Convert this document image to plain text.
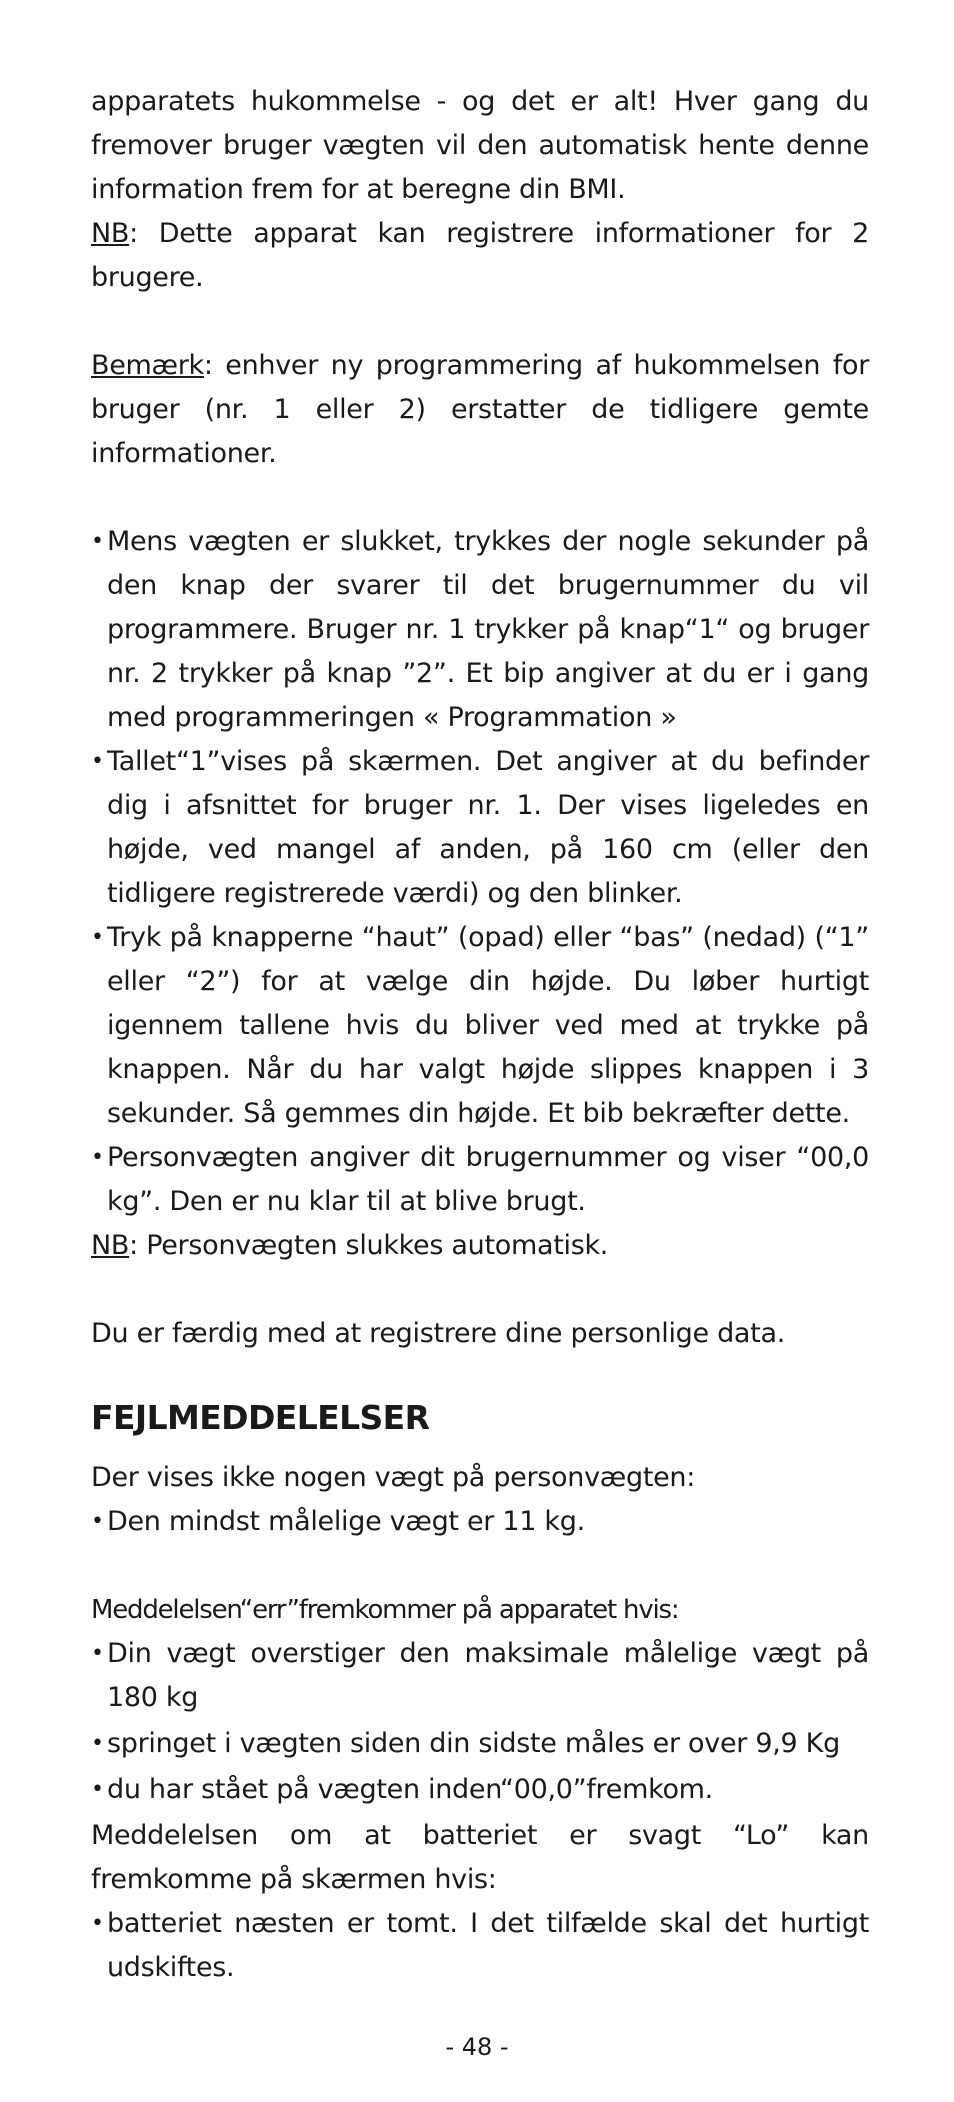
apparatets hukommelse - og det er alt! Hver gang du fremover bruger vægten vil den automatisk hente denne information frem for at beregne din BMI.
NB: Dette apparat kan registrere informationer for 2 brugere.

Bemærk: enhver ny programmering af hukommelsen for bruger (nr. 1 eller 2) erstatter de tidligere gemte informationer.

• Mens vægten er slukket, trykkes der nogle sekunder på den knap der svarer til det brugernummer du vil programmere. Bruger nr. 1 trykker på knap“1“ og bruger nr. 2 trykker på knap ”2”. Et bip angiver at du er i gang med programmeringen « Programmation »
• Tallet“1”vises på skærmen. Det angiver at du befinder dig i afsnittet for bruger nr. 1. Der vises ligeledes en højde, ved mangel af anden, på 160 cm (eller den tidligere registrerede værdi) og den blinker.
• Tryk på knapperne “haut” (opad) eller “bas” (nedad) (“1” eller “2”) for at vælge din højde. Du løber hurtigt igennem tallene hvis du bliver ved med at trykke på knappen. Når du har valgt højde slippes knappen i 3 sekunder. Så gemmes din højde. Et bib bekræfter dette.
• Personvægten angiver dit brugernummer og viser “00,0 kg”. Den er nu klar til at blive brugt.

NB: Personvægten slukkes automatisk.

Du er færdig med at registrere dine personlige data.

FEJLMEDDELELSER

Der vises ikke nogen vægt på personvægten:

• Den mindst målelige vægt er 11 kg.

Meddelelsen“err”fremkommer på apparatet hvis:

• Din vægt overstiger den maksimale målelige vægt på 180 kg
• springet i vægten siden din sidste måles er over 9,9 Kg
• du har stået på vægten inden“00,0”fremkom.

Meddelelsen om at batteriet er svagt “Lo” kan fremkomme på skærmen hvis:

• batteriet næsten er tomt. I det tilfælde skal det hurtigt udskiftes.
- 48 -
